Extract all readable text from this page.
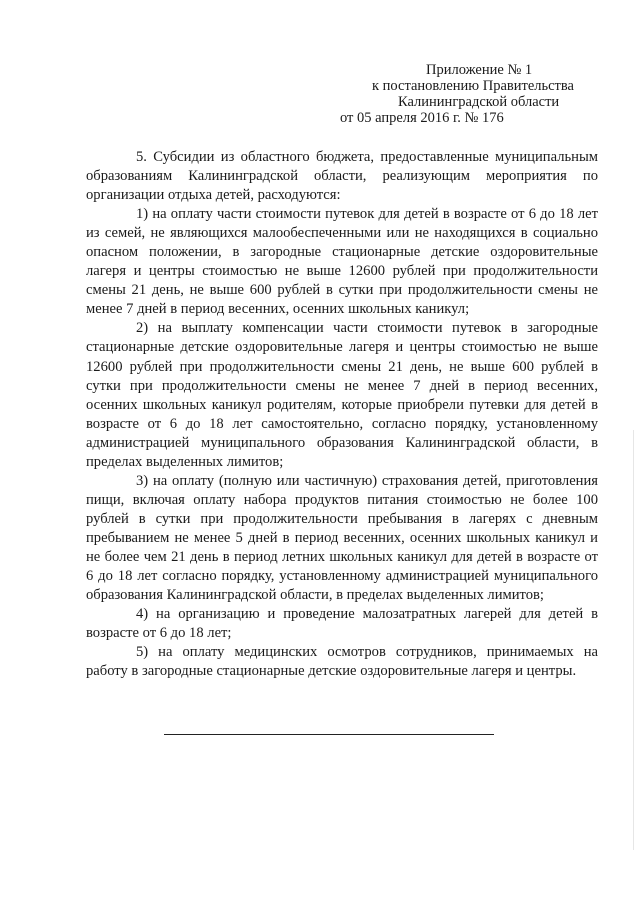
Приложение № 1
к постановлению Правительства
Калининградской области
от 05 апреля 2016 г. № 176

5. Субсидии из областного бюджета, предоставленные муниципальным образованиям Калининградской области, реализующим мероприятия по организации отдыха детей, расходуются:

1) на оплату части стоимости путевок для детей в возрасте от 6 до 18 лет из семей, не являющихся малообеспеченными или не находящихся в социально опасном положении, в загородные стационарные детские оздоровительные лагеря и центры стоимостью не выше 12600 рублей при продолжительности смены 21 день, не выше 600 рублей в сутки при продолжительности смены не менее 7 дней в период весенних, осенних школьных каникул;

2) на выплату компенсации части стоимости путевок в загородные стационарные детские оздоровительные лагеря и центры стоимостью не выше 12600 рублей при продолжительности смены 21 день, не выше 600 рублей в сутки при продолжительности смены не менее 7 дней в период весенних, осенних школьных каникул родителям, которые приобрели путевки для детей в возрасте от 6 до 18 лет самостоятельно, согласно порядку, установленному администрацией муниципального образования Калининградской области, в пределах выделенных лимитов;

3) на оплату (полную или частичную) страхования детей, приготовления пищи, включая оплату набора продуктов питания стоимостью не более 100 рублей в сутки при продолжительности пребывания в лагерях с дневным пребыванием не менее 5 дней в период весенних, осенних школьных каникул и не более чем 21 день в период летних школьных каникул для детей в возрасте от 6 до 18 лет согласно порядку, установленному администрацией муниципального образования Калининградской области, в пределах выделенных лимитов;

4) на организацию и проведение малозатратных лагерей для детей в возрасте от 6 до 18 лет;

5) на оплату медицинских осмотров сотрудников, принимаемых на работу в загородные стационарные детские оздоровительные лагеря и центры.
